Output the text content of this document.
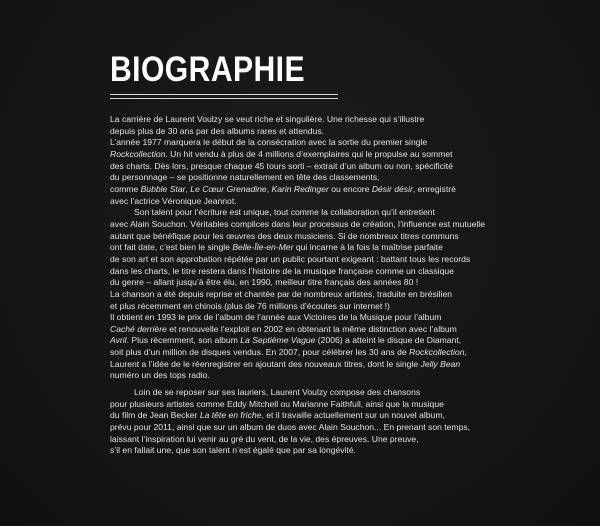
BIOGRAPHIE

La carrière de Laurent Voulzy se veut riche et singulière. Une richesse qui s’illustre

depuis plus de 30 ans par des albums rares et attendus.

L’année 1977 marquera le début de la consécration avec la sortie du premier single

Rockcollection. Un hit vendu à plus de 4 millions d’exemplaires qui le propulse au sommet

des charts. Dès lors, presque chaque 45 tours sorti – extrait d’un album ou non, spécificité

du personnage – se positionne naturellement en tête des classements,

comme Bubble Star, Le Cœur Grenadine, Karin Redinger ou encore Désir désir, enregistré

avec l’actrice Véronique Jeannot.

Son talent pour l’écriture est unique, tout comme la collaboration qu’il entretient

avec Alain Souchon. Véritables complices dans leur processus de création, l’influence est mutuelle

autant que bénéfique pour les œuvres des deux musiciens. Si de nombreux titres communs

ont fait date, c’est bien le single Belle-Île-en-Mer qui incarne à la fois la maîtrise parfaite

de son art et son approbation répétée par un public pourtant exigeant : battant tous les records

dans les charts, le titre restera dans l’histoire de la musique française comme un classique

du genre – allant jusqu’à être élu, en 1990, meilleur titre français des années 80 !

La chanson a été depuis reprise et chantée par de nombreux artistes, traduite en brésilien

et plus récemment en chinois (plus de 76 millions d’écoutes sur internet !)

Il obtient en 1993 le prix de l’album de l’année aux Victoires de la Musique pour l’album

Caché derrière et renouvelle l’exploit en 2002 en obtenant la même distinction avec l’album

Avril. Plus récemment, son album La Septième Vague (2006) a atteint le disque de Diamant,

soit plus d’un million de disques vendus. En 2007, pour célébrer les 30 ans de Rockcollection,

Laurent a l’idée de le réenregistrer en ajoutant des nouveaux titres, dont le single Jelly Bean

numéro un des tops radio.

Loin de se reposer sur ses lauriers, Laurent Voulzy compose des chansons

pour plusieurs artistes comme Eddy Mitchell ou Marianne Faithfull, ainsi que la musique

du film de Jean Becker La tête en friche, et il travaille actuellement sur un nouvel album,

prévu pour 2011, ainsi que sur un album de duos avec Alain Souchon... En prenant son temps,

laissant l’inspiration lui venir au gré du vent, de la vie, des épreuves. Une preuve,

s’il en fallait une, que son talent n’est égalé que par sa longévité.
